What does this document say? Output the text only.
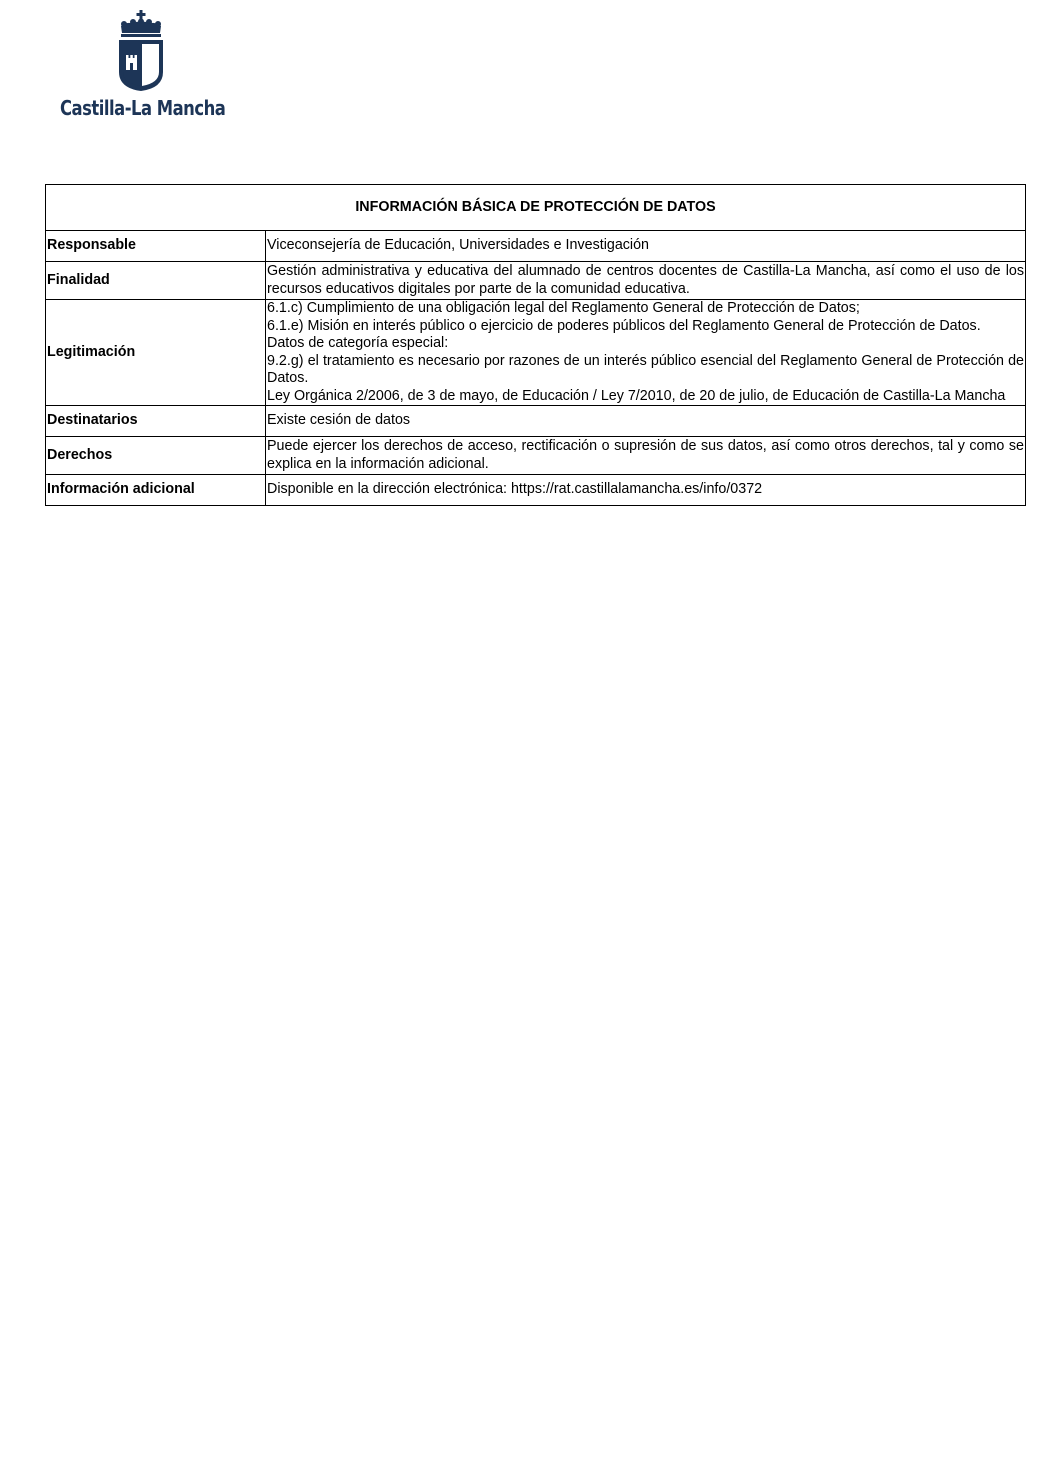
Castilla-La Mancha
INFORMACIÓN BÁSICA DE PROTECCIÓN DE DATOS	
Responsable	Viceconsejería de Educación, Universidades e Investigación
Finalidad	Gestión administrativa y educativa del alumnado de centros docentes de Castilla-La Mancha, así como el uso de los recursos educativos digitales por parte de la comunidad educativa.
Legitimación	6.1.c) Cumplimiento de una obligación legal del Reglamento General de Protección de Datos;
6.1.e) Misión en interés público o ejercicio de poderes públicos del Reglamento General de Protección de Datos.
Datos de categoría especial:
9.2.g) el tratamiento es necesario por razones de un interés público esencial del Reglamento General de Protección de Datos.
Ley Orgánica 2/2006, de 3 de mayo, de Educación / Ley 7/2010, de 20 de julio, de Educación de Castilla-La Mancha

Destinatarios	Existe cesión de datos
Derechos	Puede ejercer los derechos de acceso, rectificación o supresión de sus datos, así como otros derechos, tal y como se explica en la información adicional.
Información adicional	Disponible en la dirección electrónica: https://rat.castillalamancha.es/info/0372
